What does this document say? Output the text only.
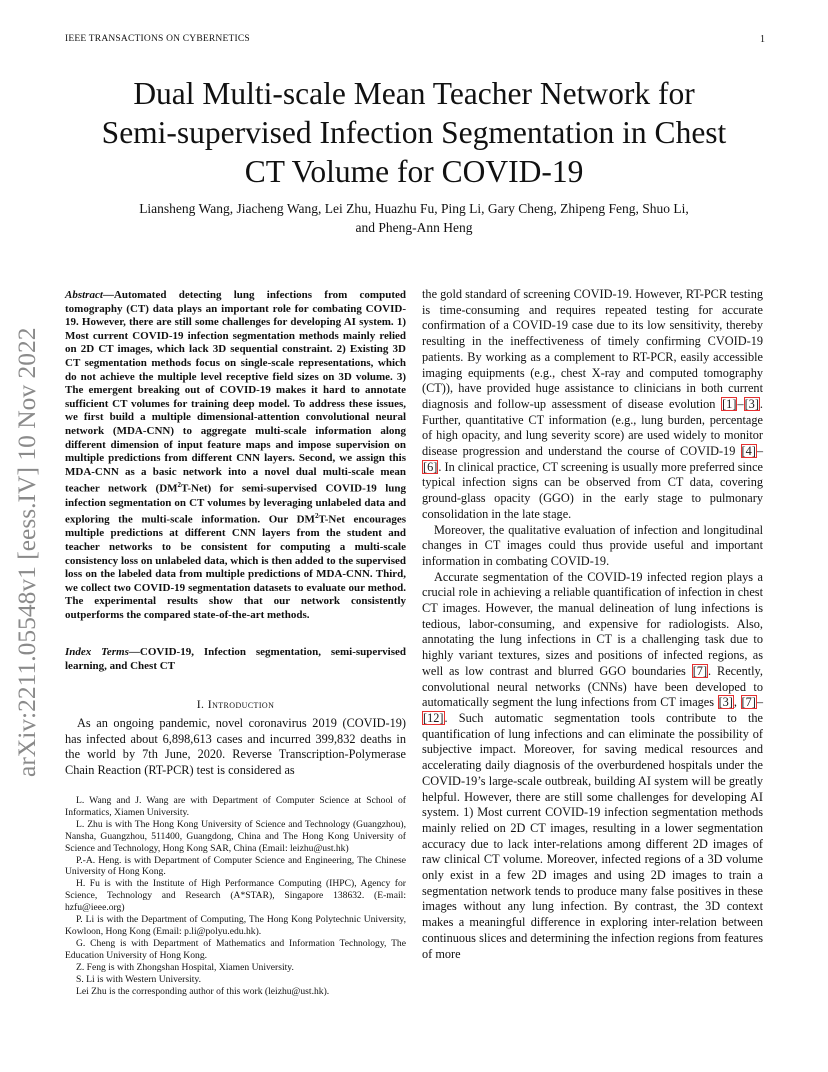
IEEE TRANSACTIONS ON CYBERNETICS	1
Dual Multi-scale Mean Teacher Network for
Semi-supervised Infection Segmentation in Chest
CT Volume for COVID-19
Liansheng Wang, Jiacheng Wang, Lei Zhu, Huazhu Fu, Ping Li, Gary Cheng, Zhipeng Feng, Shuo Li,
and Pheng-Ann Heng
arXiv:2211.05548v1 [eess.IV] 10 Nov 2022
Abstract—Automated detecting lung infections from computed tomography (CT) data plays an important role for combating COVID-19. However, there are still some challenges for developing AI system. 1) Most current COVID-19 infection segmentation methods mainly relied on 2D CT images, which lack 3D sequential constraint. 2) Existing 3D CT segmentation methods focus on single-scale representations, which do not achieve the multiple level receptive field sizes on 3D volume. 3) The emergent breaking out of COVID-19 makes it hard to annotate sufficient CT volumes for training deep model. To address these issues, we first build a multiple dimensional-attention convolutional neural network (MDA-CNN) to aggregate multi-scale information along different dimension of input feature maps and impose supervision on multiple predictions from different CNN layers. Second, we assign this MDA-CNN as a basic network into a novel dual multi-scale mean teacher network $(DM^2T-Net)$ for semi-supervised COVID-19 lung infection segmentation on CT volumes by leveraging unlabeled data and exploring the multi-scale information. Our $DM^2T$-Net encourages multiple predictions at different CNN layers from the student and teacher networks to be consistent for computing a multi-scale consistency loss on unlabeled data, which is then added to the supervised loss on the labeled data from multiple predictions of MDA-CNN. Third, we collect two COVID-19 segmentation datasets to evaluate our method. The experimental results show that our network consistently outperforms the compared state-of-the-art methods.
Index Terms—COVID-19, Infection segmentation, semi-supervised learning, and Chest CT
I. Introduction

As an ongoing pandemic, novel coronavirus 2019 (COVID-19) has infected about 6,898,613 cases and incurred 399,832 deaths in the world by 7th June, 2020. Reverse Transcription-Polymerase Chain Reaction (RT-PCR) test is considered as

L. Wang and J. Wang are with Department of Computer Science at School of Informatics, Xiamen University.

L. Zhu is with The Hong Kong University of Science and Technology (Guangzhou), Nansha, Guangzhou, 511400, Guangdong, China and The Hong Kong University of Science and Technology, Hong Kong SAR, China (Email: leizhu@ust.hk)

P.-A. Heng. is with Department of Computer Science and Engineering, The Chinese University of Hong Kong.

H. Fu is with the Institute of High Performance Computing (IHPC), Agency for Science, Technology and Research (A*STAR), Singapore 138632. (E-mail: hzfu@ieee.org)

P. Li is with the Department of Computing, The Hong Kong Polytechnic University, Kowloon, Hong Kong (Email: p.li@polyu.edu.hk).

G. Cheng is with Department of Mathematics and Information Technology, The Education University of Hong Kong.

Z. Feng is with Zhongshan Hospital, Xiamen University.

S. Li is with Western University.

Lei Zhu is the corresponding author of this work (leizhu@ust.hk).

the gold standard of screening COVID-19. However, RT-PCR testing is time-consuming and requires repeated testing for accurate confirmation of a COVID-19 case due to its low sensitivity, thereby resulting in the ineffectiveness of timely confirming CVOID-19 patients. By working as a complement to RT-PCR, easily accessible imaging equipments (e.g., chest X-ray and computed tomography (CT)), have provided huge assistance to clinicians in both current diagnosis and follow-up assessment of disease evolution [1]–[3]. Further, quantitative CT information (e.g., lung burden, percentage of high opacity, and lung severity score) are used widely to monitor disease progression and understand the course of COVID-19 [4]–[6]. In clinical practice, CT screening is usually more preferred since typical infection signs can be observed from CT data, covering ground-glass opacity (GGO) in the early stage to pulmonary consolidation in the late stage.

Moreover, the qualitative evaluation of infection and longitudinal changes in CT images could thus provide useful and important information in combating COVID-19.

Accurate segmentation of the COVID-19 infected region plays a crucial role in achieving a reliable quantification of infection in chest CT images. However, the manual delineation of lung infections is tedious, labor-consuming, and expensive for radiologists. Also, annotating the lung infections in CT is a challenging task due to highly variant textures, sizes and positions of infected regions, as well as low contrast and blurred GGO boundaries [7]. Recently, convolutional neural networks (CNNs) have been developed to automatically segment the lung infections from CT images [3], [7]–[12]. Such automatic segmentation tools contribute to the quantification of lung infections and can eliminate the possibility of subjective impact. Moreover, for saving medical resources and accelerating daily diagnosis of the overburdened hospitals under the COVID-19’s large-scale outbreak, building AI system will be greatly helpful. However, there are still some challenges for developing AI system. 1) Most current COVID-19 infection segmentation methods mainly relied on 2D CT images, resulting in a lower segmentation accuracy due to lack inter-relations among different 2D images of raw clinical CT volume. Moreover, infected regions of a 3D volume only exist in a few 2D images and using 2D images to train a segmentation network tends to produce many false positives in these images without any lung infection. By contrast, the 3D context makes a meaningful difference in exploring inter-relation between continuous slices and determining the infection regions from features of more
